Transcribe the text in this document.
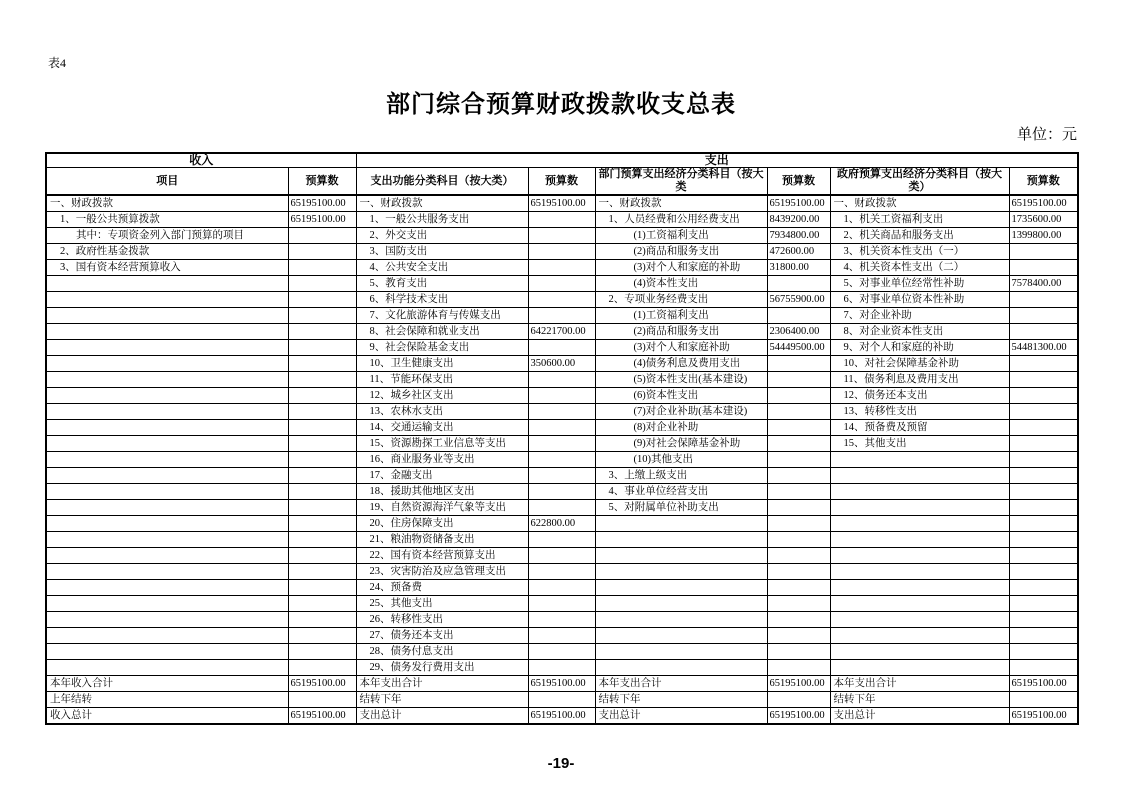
表4
部门综合预算财政拨款收支总表
单位：元
收入		支出					
项目	预算数	支出功能分类科目（按大类）	预算数	部门预算支出经济分类科目（按大类	预算数	政府预算支出经济分类科目（按大类）	预算数
一、财政拨款	65195100.00	一、财政拨款	65195100.00	一、财政拨款	65195100.00	一、财政拨款	65195100.00
1、一般公共预算拨款	65195100.00	1、一般公共服务支出		1、人员经费和公用经费支出	8439200.00	1、机关工资福利支出	1735600.00
其中：专项资金列入部门预算的项目		2、外交支出		(1)工资福利支出	7934800.00	2、机关商品和服务支出	1399800.00
2、政府性基金拨款		3、国防支出		(2)商品和服务支出	472600.00	3、机关资本性支出（一）	
3、国有资本经营预算收入		4、公共安全支出		(3)对个人和家庭的补助	31800.00	4、机关资本性支出（二）	
		5、教育支出		(4)资本性支出		5、对事业单位经常性补助	7578400.00
		6、科学技术支出		2、专项业务经费支出	56755900.00	6、对事业单位资本性补助	
		7、文化旅游体育与传媒支出		(1)工资福利支出		7、对企业补助	
		8、社会保障和就业支出	64221700.00	(2)商品和服务支出	2306400.00	8、对企业资本性支出	
		9、社会保险基金支出		(3)对个人和家庭补助	54449500.00	9、对个人和家庭的补助	54481300.00
		10、卫生健康支出	350600.00	(4)债务利息及费用支出		10、对社会保障基金补助	
		11、节能环保支出		(5)资本性支出(基本建设)		11、债务利息及费用支出	
		12、城乡社区支出		(6)资本性支出		12、债务还本支出	
		13、农林水支出		(7)对企业补助(基本建设)		13、转移性支出	
		14、交通运输支出		(8)对企业补助		14、预备费及预留	
		15、资源勘探工业信息等支出		(9)对社会保障基金补助		15、其他支出	
		16、商业服务业等支出		(10)其他支出			
		17、金融支出		3、上缴上级支出			
		18、援助其他地区支出		4、事业单位经营支出			
		19、自然资源海洋气象等支出		5、对附属单位补助支出			
		20、住房保障支出	622800.00				
		21、粮油物资储备支出					
		22、国有资本经营预算支出					
		23、灾害防治及应急管理支出					
		24、预备费					
		25、其他支出					
		26、转移性支出					
		27、债务还本支出					
		28、债务付息支出					
		29、债务发行费用支出					
本年收入合计	65195100.00	本年支出合计	65195100.00	本年支出合计	65195100.00	本年支出合计	65195100.00
上年结转		结转下年		结转下年		结转下年	
收入总计	65195100.00	支出总计	65195100.00	支出总计	65195100.00	支出总计	65195100.00
-19-
